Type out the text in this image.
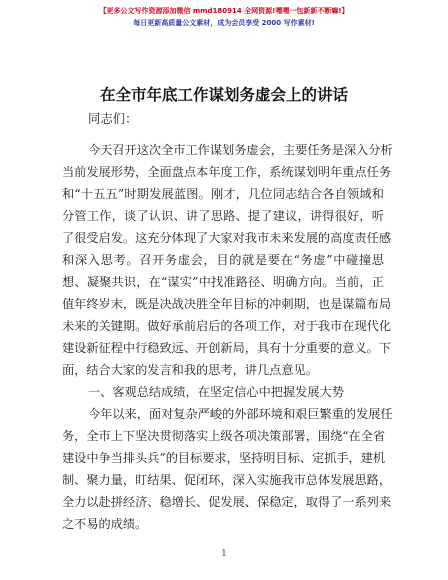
【更多公文写作资源添加微信 mmd180914 全网资源!嘿嘿一包新新不断嘛!】
每日更新高质量公文素材，成为会员享受 2000 写作素材!
在全市年底工作谋划务虚会上的讲话
同志们：
今天召开这次全市工作谋划务虚会，主要任务是深入分析
当前发展形势，全面盘点本年度工作，系统谋划明年重点任务
和“十五五”时期发展蓝图。刚才，几位同志结合各自领域和
分管工作，谈了认识、讲了思路、提了建议，讲得很好，听
了很受启发。这充分体现了大家对我市未来发展的高度责任感
和深入思考。召开务虚会，目的就是要在“务虚”中碰撞思
想、凝聚共识，在“谋实”中找准路径、明确方向。当前，正
值年终岁末，既是决战决胜全年目标的冲刺期，也是谋篇布局
未来的关键期。做好承前启后的各项工作，对于我市在现代化
建设新征程中行稳致远、开创新局，具有十分重要的意义。下
面，结合大家的发言和我的思考，讲几点意见。
一、客观总结成绩，在坚定信心中把握发展大势
今年以来，面对复杂严峻的外部环境和艰巨繁重的发展任
务，全市上下坚决贯彻落实上级各项决策部署，围绕“在全省
建设中争当排头兵”的目标要求，坚持明目标、定抓手，建机
制、聚力量，盯结果、促闭环，深入实施我市总体发展思路，
全力以赴拼经济、稳增长、促发展、保稳定，取得了一系列来
之不易的成绩。
1
